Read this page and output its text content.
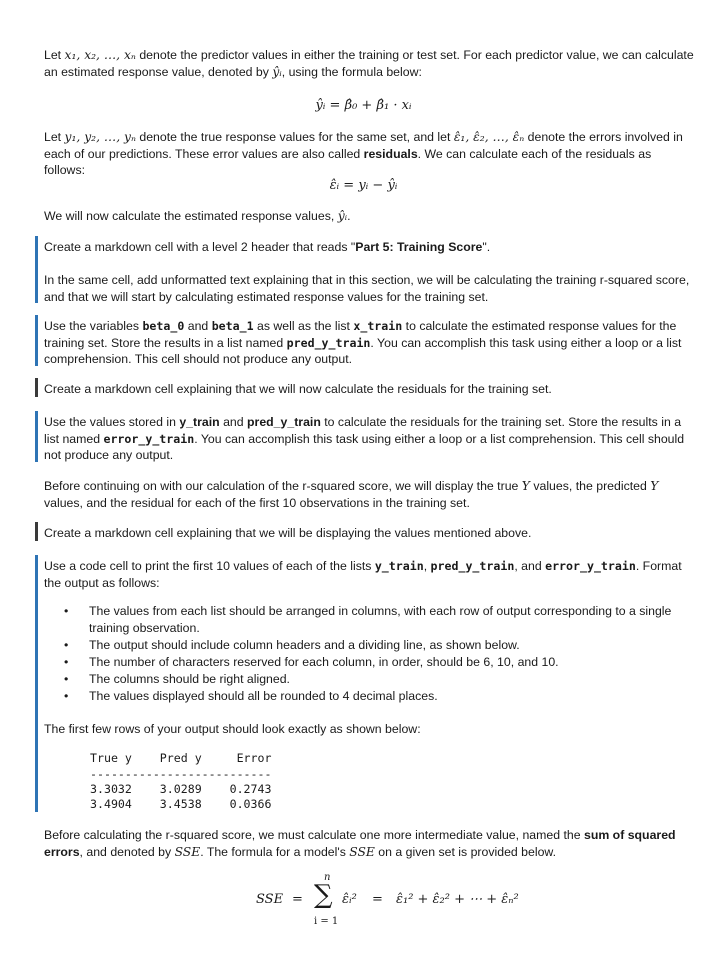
Let x₁, x₂, …, xₙ denote the predictor values in either the training or test set. For each predictor value, we can calculate an estimated response value, denoted by ŷᵢ, using the formula below:

ŷᵢ = β̂₀ + β̂₁ · xᵢ

Let y₁, y₂, …, yₙ denote the true response values for the same set, and let ε̂₁, ε̂₂, …, ε̂ₙ denote the errors involved in each of our predictions. These error values are also called residuals. We can calculate each of the residuals as follows:

ε̂ᵢ = yᵢ − ŷᵢ

We will now calculate the estimated response values, ŷᵢ.

Create a markdown cell with a level 2 header that reads "Part 5: Training Score".

In the same cell, add unformatted text explaining that in this section, we will be calculating the training r-squared score, and that we will start by calculating estimated response values for the training set.

Use the variables beta_0 and beta_1 as well as the list x_train to calculate the estimated response values for the training set. Store the results in a list named pred_y_train. You can accomplish this task using either a loop or a list comprehension. This cell should not produce any output.

Create a markdown cell explaining that we will now calculate the residuals for the training set.

Use the values stored in y_train and pred_y_train to calculate the residuals for the training set. Store the results in a list named error_y_train. You can accomplish this task using either a loop or a list comprehension. This cell should not produce any output.

Before continuing on with our calculation of the r-squared score, we will display the true Y values, the predicted Y values, and the residual for each of the first 10 observations in the training set.

Create a markdown cell explaining that we will be displaying the values mentioned above.

Use a code cell to print the first 10 values of each of the lists y_train, pred_y_train, and error_y_train. Format the output as follows:

• The values from each list should be arranged in columns, with each row of output corresponding to a single training observation.
• The output should include column headers and a dividing line, as shown below.
• The number of characters reserved for each column, in order, should be 6, 10, and 10.
• The columns should be right aligned.
• The values displayed should all be rounded to 4 decimal places.

The first few rows of your output should look exactly as shown below:

True y    Pred y     Error
--------------------------
3.3032    3.0289    0.2743
3.4904    3.4538    0.0366

Before calculating the r-squared score, we must calculate one more intermediate value, named the sum of squared errors, and denoted by SSE. The formula for a model's SSE on a given set is provided below.

SSE =
n
∑
i = 1
ε̂ᵢ² = ε̂₁² + ε̂₂² + ⋯ + ε̂ₙ²
